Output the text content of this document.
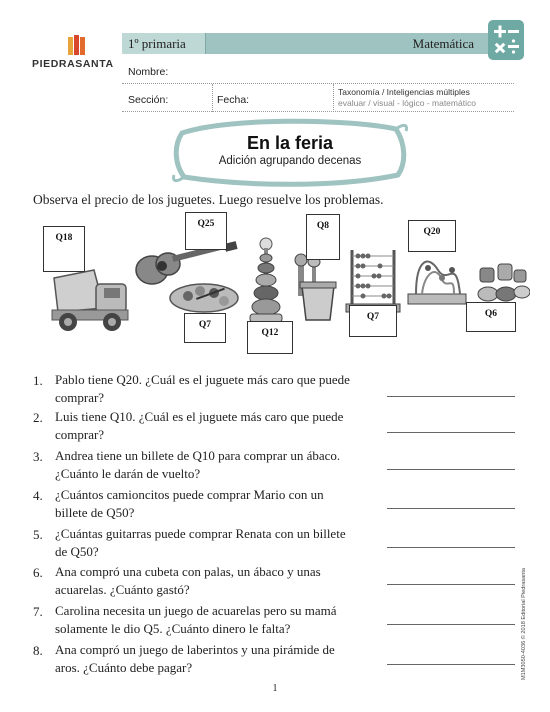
PIEDRASANTA
1º primaria	Matemática
Nombre:
Sección:	Fecha:
Taxonomía / Inteligencias múltiples
evaluar / visual - lógico - matemático
En la feria
Adición agrupando decenas
Observa el precio de los juguetes. Luego resuelve los problemas.
Q18
Q25
Q7
Q12
Q8
Q7
Q20
Q6
1. Pablo tiene Q20. ¿Cuál es el juguete más caro que puede
comprar?
2. Luis tiene Q10. ¿Cuál es el juguete más caro que puede
comprar?
3. Andrea tiene un billete de Q10 para comprar un ábaco.
¿Cuánto le darán de vuelto?
4. ¿Cuántos camioncitos puede comprar Mario con un
billete de Q50?
5. ¿Cuántas guitarras puede comprar Renata con un billete
de Q50?
6. Ana compró una cubeta con palas, un ábaco y unas
acuarelas. ¿Cuánto gastó?
7. Carolina necesita un juego de acuarelas pero su mamá
solamente le dio Q5. ¿Cuánto dinero le falta?
8. Ana compró un juego de laberintos y una pirámide de
aros. ¿Cuánto debe pagar?	M1M3050-4036 © 2018 Editorial Piedrasanta
1
